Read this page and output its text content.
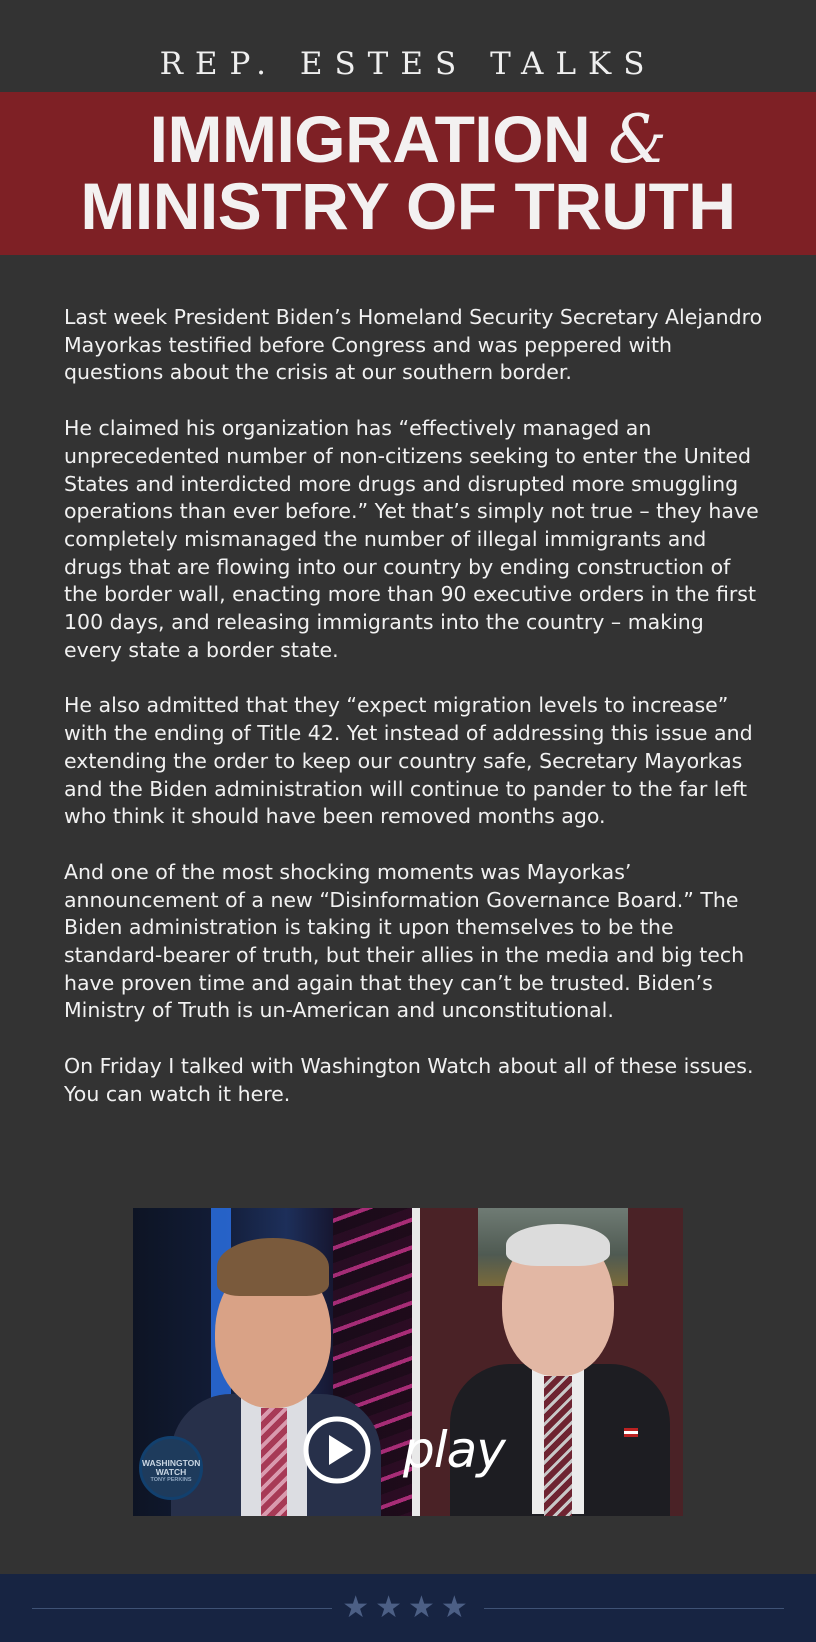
REP. ESTES TALKS
IMMIGRATION &
MINISTRY OF TRUTH

Last week President Biden’s Homeland Security Secretary Alejandro Mayorkas testified before Congress and was peppered with questions about the crisis at our southern border.

He claimed his organization has “effectively managed an unprecedented number of non-citizens seeking to enter the United States and interdicted more drugs and disrupted more smuggling operations than ever before.” Yet that’s simply not true – they have completely mismanaged the number of illegal immigrants and drugs that are flowing into our country by ending construction of the border wall, enacting more than 90 executive orders in the first 100 days, and releasing immigrants into the country – making every state a border state.

He also admitted that they “expect migration levels to increase” with the ending of Title 42. Yet instead of addressing this issue and extending the order to keep our country safe, Secretary Mayorkas and the Biden administration will continue to pander to the far left who think it should have been removed months ago.

And one of the most shocking moments was Mayorkas’ announcement of a new “Disinformation Governance Board.” The Biden administration is taking it upon themselves to be the standard-bearer of truth, but their allies in the media and big tech have proven time and again that they can’t be trusted. Biden’s Ministry of Truth is un-American and unconstitutional.

On Friday I talked with Washington Watch about all of these issues. You can watch it here.

WASHINGTON
WATCH
TONY PERKINS
play
★★★★
